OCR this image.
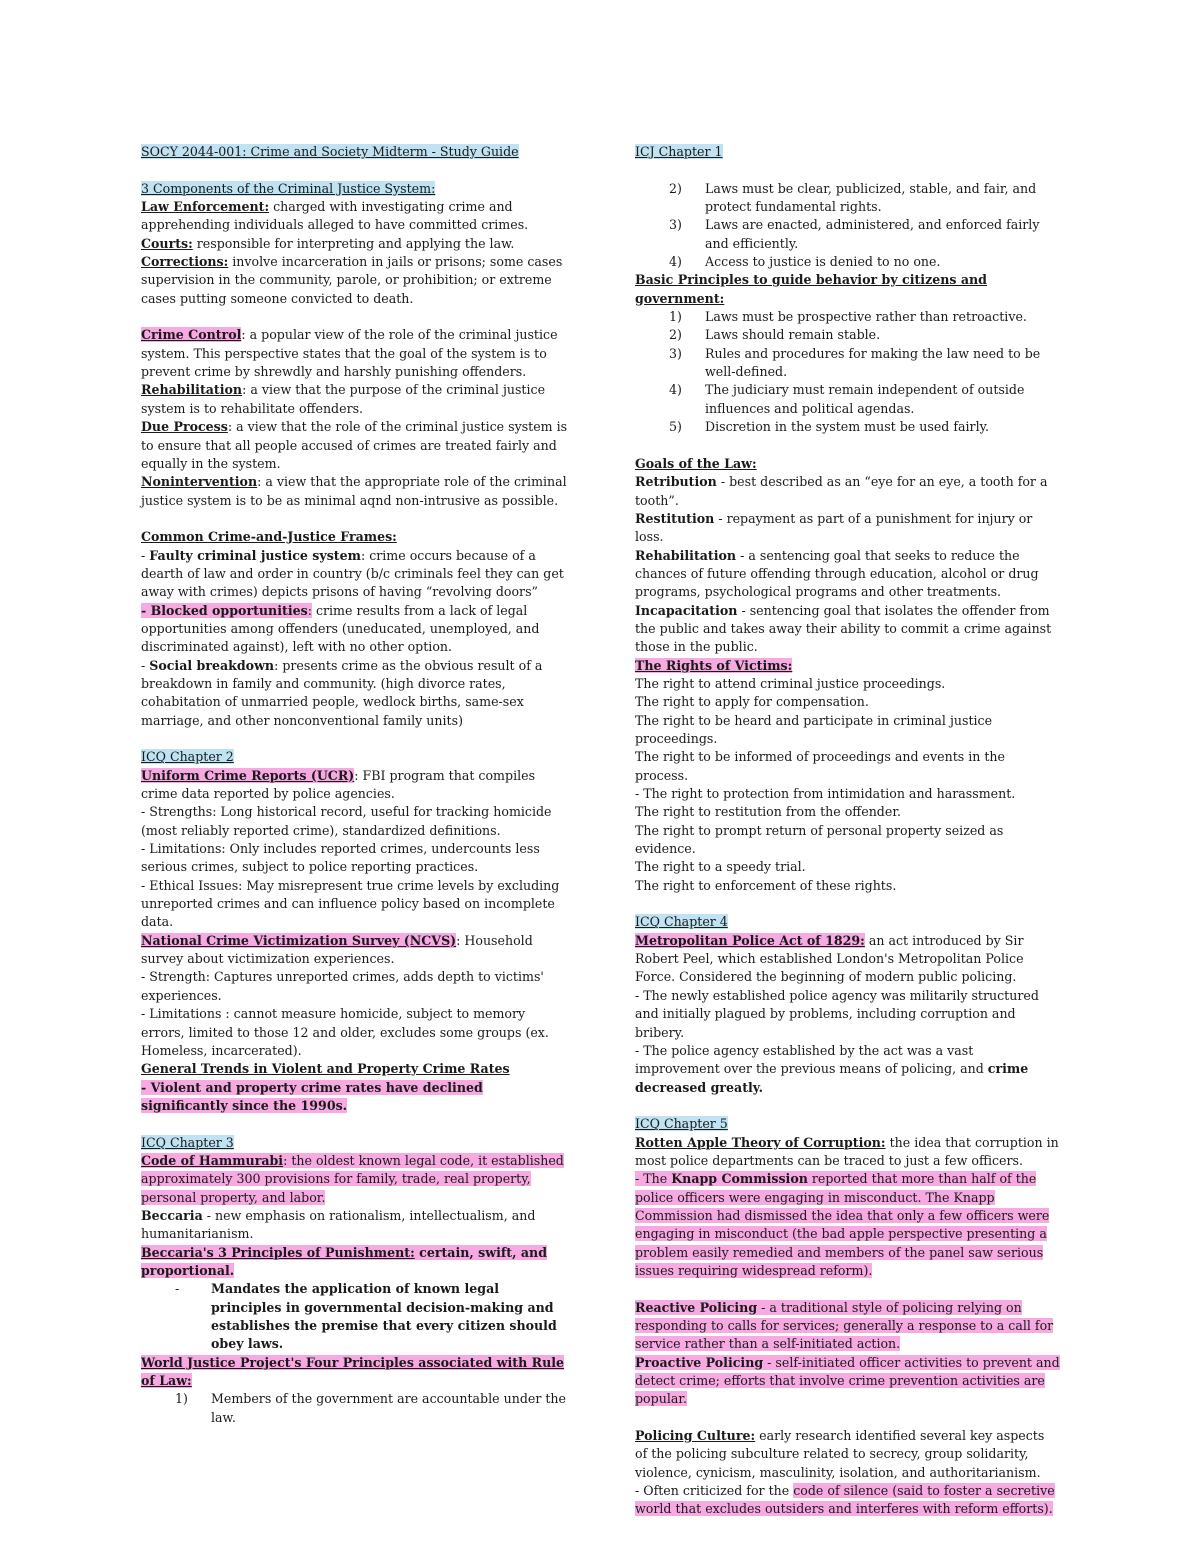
SOCY 2044-001: Crime and Society Midterm - Study Guide

3 Components of the Criminal Justice System:

Law Enforcement: charged with investigating crime and apprehending individuals alleged to have committed crimes.

Courts: responsible for interpreting and applying the law.

Corrections: involve incarceration in jails or prisons; some cases supervision in the community, parole, or prohibition; or extreme cases putting someone convicted to death.

Crime Control: a popular view of the role of the criminal justice system. This perspective states that the goal of the system is to prevent crime by shrewdly and harshly punishing offenders.

Rehabilitation: a view that the purpose of the criminal justice system is to rehabilitate offenders.

Due Process: a view that the role of the criminal justice system is to ensure that all people accused of crimes are treated fairly and equally in the system.

Nonintervention: a view that the appropriate role of the criminal justice system is to be as minimal aqnd non-intrusive as possible.

Common Crime-and-Justice Frames:

- Faulty criminal justice system: crime occurs because of a dearth of law and order in country (b/c criminals feel they can get away with crimes) depicts prisons of having “revolving doors”

- Blocked opportunities: crime results from a lack of legal opportunities among offenders (uneducated, unemployed, and discriminated against), left with no other option.

- Social breakdown: presents crime as the obvious result of a breakdown in family and community. (high divorce rates, cohabitation of unmarried people, wedlock births, same-sex marriage, and other nonconventional family units)

ICQ Chapter 2

Uniform Crime Reports (UCR): FBI program that compiles crime data reported by police agencies.

- Strengths: Long historical record, useful for tracking homicide (most reliably reported crime), standardized definitions.

- Limitations: Only includes reported crimes, undercounts less serious crimes, subject to police reporting practices.

- Ethical Issues: May misrepresent true crime levels by excluding unreported crimes and can influence policy based on incomplete data.

National Crime Victimization Survey (NCVS): Household survey about victimization experiences.

- Strength: Captures unreported crimes, adds depth to victims' experiences.

- Limitations : cannot measure homicide, subject to memory errors, limited to those 12 and older, excludes some groups (ex. Homeless, incarcerated).

General Trends in Violent and Property Crime Rates

- Violent and property crime rates have declined significantly since the 1990s.

ICQ Chapter 3

Code of Hammurabi: the oldest known legal code, it established approximately 300 provisions for family, trade, real property, personal property, and labor.

Beccaria - new emphasis on rationalism, intellectualism, and humanitarianism.

Beccaria's 3 Principles of Punishment: certain, swift, and proportional.

-	Mandates the application of known legal principles in governmental decision-making and establishes the premise that every citizen should obey laws.

World Justice Project's Four Principles associated with Rule of Law:

1)	Members of the government are accountable under the law.

ICJ Chapter 1

2)	Laws must be clear, publicized, stable, and fair, and protect fundamental rights.
3)	Laws are enacted, administered, and enforced fairly and efficiently.
4)	Access to justice is denied to no one.

Basic Principles to guide behavior by citizens and government:

1)	Laws must be prospective rather than retroactive.
2)	Laws should remain stable.
3)	Rules and procedures for making the law need to be well-defined.
4)	The judiciary must remain independent of outside influences and political agendas.
5)	Discretion in the system must be used fairly.

Goals of the Law:

Retribution - best described as an “eye for an eye, a tooth for a tooth”.

Restitution - repayment as part of a punishment for injury or loss.

Rehabilitation - a sentencing goal that seeks to reduce the chances of future offending through education, alcohol or drug programs, psychological programs and other treatments.

Incapacitation - sentencing goal that isolates the offender from the public and takes away their ability to commit a crime against those in the public.

The Rights of Victims:

The right to attend criminal justice proceedings.

The right to apply for compensation.

The right to be heard and participate in criminal justice proceedings.

The right to be informed of proceedings and events in the process.

- The right to protection from intimidation and harassment.

The right to restitution from the offender.

The right to prompt return of personal property seized as evidence.

The right to a speedy trial.

The right to enforcement of these rights.

ICQ Chapter 4

Metropolitan Police Act of 1829: an act introduced by Sir Robert Peel, which established London's Metropolitan Police Force. Considered the beginning of modern public policing.

- The newly established police agency was militarily structured and initially plagued by problems, including corruption and bribery.

- The police agency established by the act was a vast improvement over the previous means of policing, and crime decreased greatly.

ICQ Chapter 5

Rotten Apple Theory of Corruption: the idea that corruption in most police departments can be traced to just a few officers.

- The Knapp Commission reported that more than half of the police officers were engaging in misconduct. The Knapp Commission had dismissed the idea that only a few officers were engaging in misconduct (the bad apple perspective presenting a problem easily remedied and members of the panel saw serious issues requiring widespread reform).

Reactive Policing - a traditional style of policing relying on responding to calls for services; generally a response to a call for service rather than a self-initiated action.

Proactive Policing - self-initiated officer activities to prevent and detect crime; efforts that involve crime prevention activities are popular.

Policing Culture: early research identified several key aspects of the policing subculture related to secrecy, group solidarity, violence, cynicism, masculinity, isolation, and authoritarianism.

- Often criticized for the code of silence (said to foster a secretive world that excludes outsiders and interferes with reform efforts).
